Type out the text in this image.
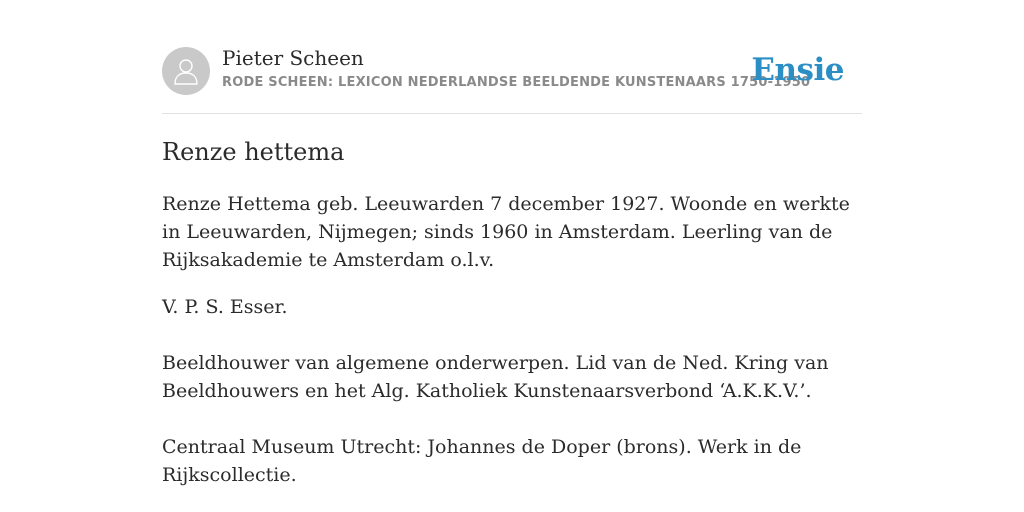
Pieter Scheen
RODE SCHEEN: LEXICON NEDERLANDSE BEELDENDE KUNSTENAARS 1750-1950
Ensie
Renze hettema

Renze Hettema geb. Leeuwarden 7 december 1927. Woonde en werkte in Leeuwarden, Nijmegen; sinds 1960 in Amsterdam. Leerling van de Rijksakademie te Amsterdam o.l.v.

V. P. S. Esser.

Beeldhouwer van algemene onderwerpen. Lid van de Ned. Kring van Beeldhouwers en het Alg. Katholiek Kunstenaarsverbond ‘A.K.K.V.’.

Centraal Museum Utrecht: Johannes de Doper (brons). Werk in de Rijkscollectie.
